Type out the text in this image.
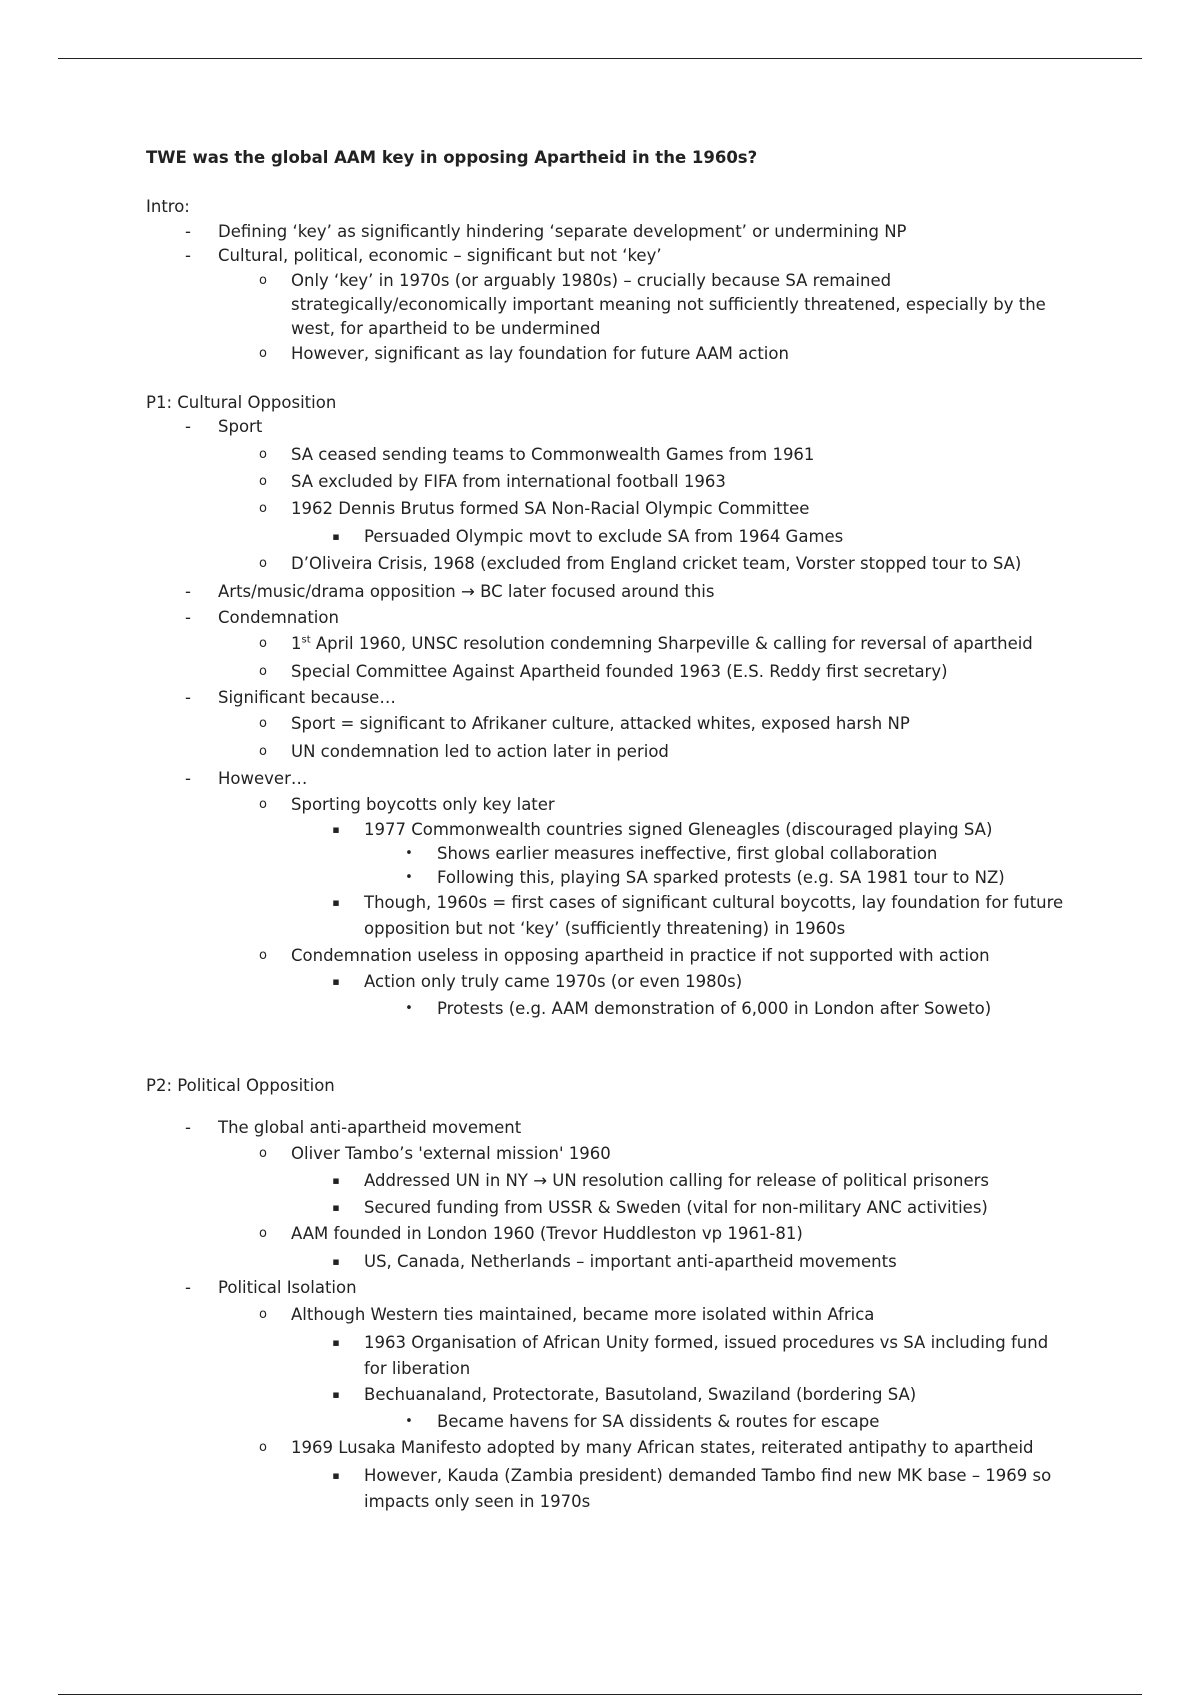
TWE was the global AAM key in opposing Apartheid in the 1960s?
Intro:
-	Defining ‘key’ as significantly hindering ‘separate development’ or undermining NP
-	Cultural, political, economic – significant but not ‘key’
o Only ‘key’ in 1970s (or arguably 1980s) – crucially because SA remained
strategically/economically important meaning not sufficiently threatened, especially by the
west, for apartheid to be undermined
o However, significant as lay foundation for future AAM action
P1: Cultural Opposition
-	Sport
o SA ceased sending teams to Commonwealth Games from 1961
o SA excluded by FIFA from international football 1963
o 1962 Dennis Brutus formed SA Non-Racial Olympic Committee
▪ Persuaded Olympic movt to exclude SA from 1964 Games
o D’Oliveira Crisis, 1968 (excluded from England cricket team, Vorster stopped tour to SA)
-	Arts/music/drama opposition → BC later focused around this
-	Condemnation
o 1st April 1960, UNSC resolution condemning Sharpeville & calling for reversal of apartheid
o Special Committee Against Apartheid founded 1963 (E.S. Reddy first secretary)
-	Significant because…
o Sport = significant to Afrikaner culture, attacked whites, exposed harsh NP
o UN condemnation led to action later in period
-	However…
o Sporting boycotts only key later
▪ 1977 Commonwealth countries signed Gleneagles (discouraged playing SA)
• Shows earlier measures ineffective, first global collaboration
• Following this, playing SA sparked protests (e.g. SA 1981 tour to NZ)
▪ Though, 1960s = first cases of significant cultural boycotts, lay foundation for future
opposition but not ‘key’ (sufficiently threatening) in 1960s
o Condemnation useless in opposing apartheid in practice if not supported with action
▪ Action only truly came 1970s (or even 1980s)
• Protests (e.g. AAM demonstration of 6,000 in London after Soweto)
P2: Political Opposition
-	The global anti-apartheid movement
o Oliver Tambo’s 'external mission' 1960
▪ Addressed UN in NY → UN resolution calling for release of political prisoners
▪ Secured funding from USSR & Sweden (vital for non-military ANC activities)
o AAM founded in London 1960 (Trevor Huddleston vp 1961-81)
▪ US, Canada, Netherlands – important anti-apartheid movements
-	Political Isolation
o Although Western ties maintained, became more isolated within Africa
▪ 1963 Organisation of African Unity formed, issued procedures vs SA including fund
for liberation
▪ Bechuanaland, Protectorate, Basutoland, Swaziland (bordering SA)
• Became havens for SA dissidents & routes for escape
o 1969 Lusaka Manifesto adopted by many African states, reiterated antipathy to apartheid
▪ However, Kauda (Zambia president) demanded Tambo find new MK base – 1969 so
impacts only seen in 1970s
